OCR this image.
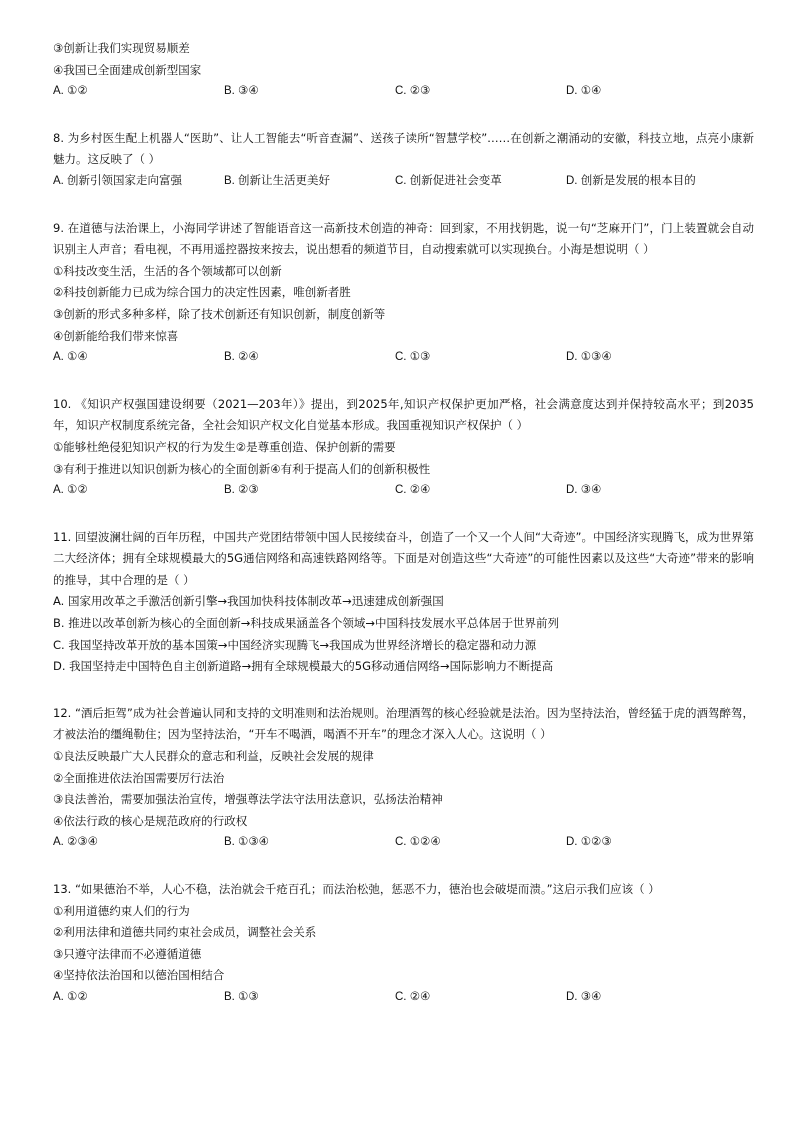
③创新让我们实现贸易顺差
④我国已全面建成创新型国家
A. ①②	B. ③④	C. ②③	D. ①④

8. 为乡村医生配上机器人“医助”、让人工智能去“听音查漏”、送孩子读所“智慧学校”……在创新之潮涌动的安徽，科技立地，点亮小康新魅力。这反映了（ ）

A. 创新引领国家走向富强	B. 创新让生活更美好	C. 创新促进社会变革	D. 创新是发展的根本目的

9. 在道德与法治课上，小海同学讲述了智能语音这一高新技术创造的神奇：回到家，不用找钥匙，说一句“芝麻开门”，门上装置就会自动识别主人声音；看电视，不再用遥控器按来按去，说出想看的频道节目，自动搜索就可以实现换台。小海是想说明（ ）

①科技改变生活，生活的各个领域都可以创新
②科技创新能力已成为综合国力的决定性因素，唯创新者胜
③创新的形式多种多样，除了技术创新还有知识创新，制度创新等
④创新能给我们带来惊喜
A. ①④	B. ②④	C. ①③	D. ①③④

10. 《知识产权强国建设纲要（2021—203年）》提出，到2025年,知识产权保护更加严格，社会满意度达到并保持较高水平；到2035年，知识产权制度系统完备，全社会知识产权文化自觉基本形成。我国重视知识产权保护（ ）

①能够杜绝侵犯知识产权的行为发生②是尊重创造、保护创新的需要
③有利于推进以知识创新为核心的全面创新④有利于提高人们的创新积极性
A. ①②	B. ②③	C. ②④	D. ③④

11. 回望波澜壮阔的百年历程，中国共产党团结带领中国人民接续奋斗，创造了一个又一个人间“大奇迹”。中国经济实现腾飞，成为世界第二大经济体；拥有全球规模最大的5G通信网络和高速铁路网络等。下面是对创造这些“大奇迹”的可能性因素以及这些“大奇迹”带来的影响的推导，其中合理的是（ ）

A. 国家用改革之手激活创新引擎→我国加快科技体制改革→迅速建成创新强国
B. 推进以改革创新为核心的全面创新→科技成果涵盖各个领域→中国科技发展水平总体居于世界前列
C. 我国坚持改革开放的基本国策→中国经济实现腾飞→我国成为世界经济增长的稳定器和动力源
D. 我国坚持走中国特色自主创新道路→拥有全球规模最大的5G移动通信网络→国际影响力不断提高

12. “酒后拒驾”成为社会普遍认同和支持的文明准则和法治规则。治理酒驾的核心经验就是法治。因为坚持法治，曾经猛于虎的酒驾醉驾，才被法治的缰绳勒住；因为坚持法治，“开车不喝酒，喝酒不开车”的理念才深入人心。这说明（ ）

①良法反映最广大人民群众的意志和利益，反映社会发展的规律
②全面推进依法治国需要厉行法治
③良法善治，需要加强法治宣传，增强尊法学法守法用法意识，弘扬法治精神
④依法行政的核心是规范政府的行政权
A. ②③④	B. ①③④	C. ①②④	D. ①②③

13. “如果德治不举，人心不稳，法治就会千疮百孔；而法治松弛，惩恶不力，德治也会破堤而溃。”这启示我们应该（ ）

①利用道德约束人们的行为
②利用法律和道德共同约束社会成员，调整社会关系
③只遵守法律而不必遵循道德
④坚持依法治国和以德治国相结合
A. ①②	B. ①③	C. ②④	D. ③④
